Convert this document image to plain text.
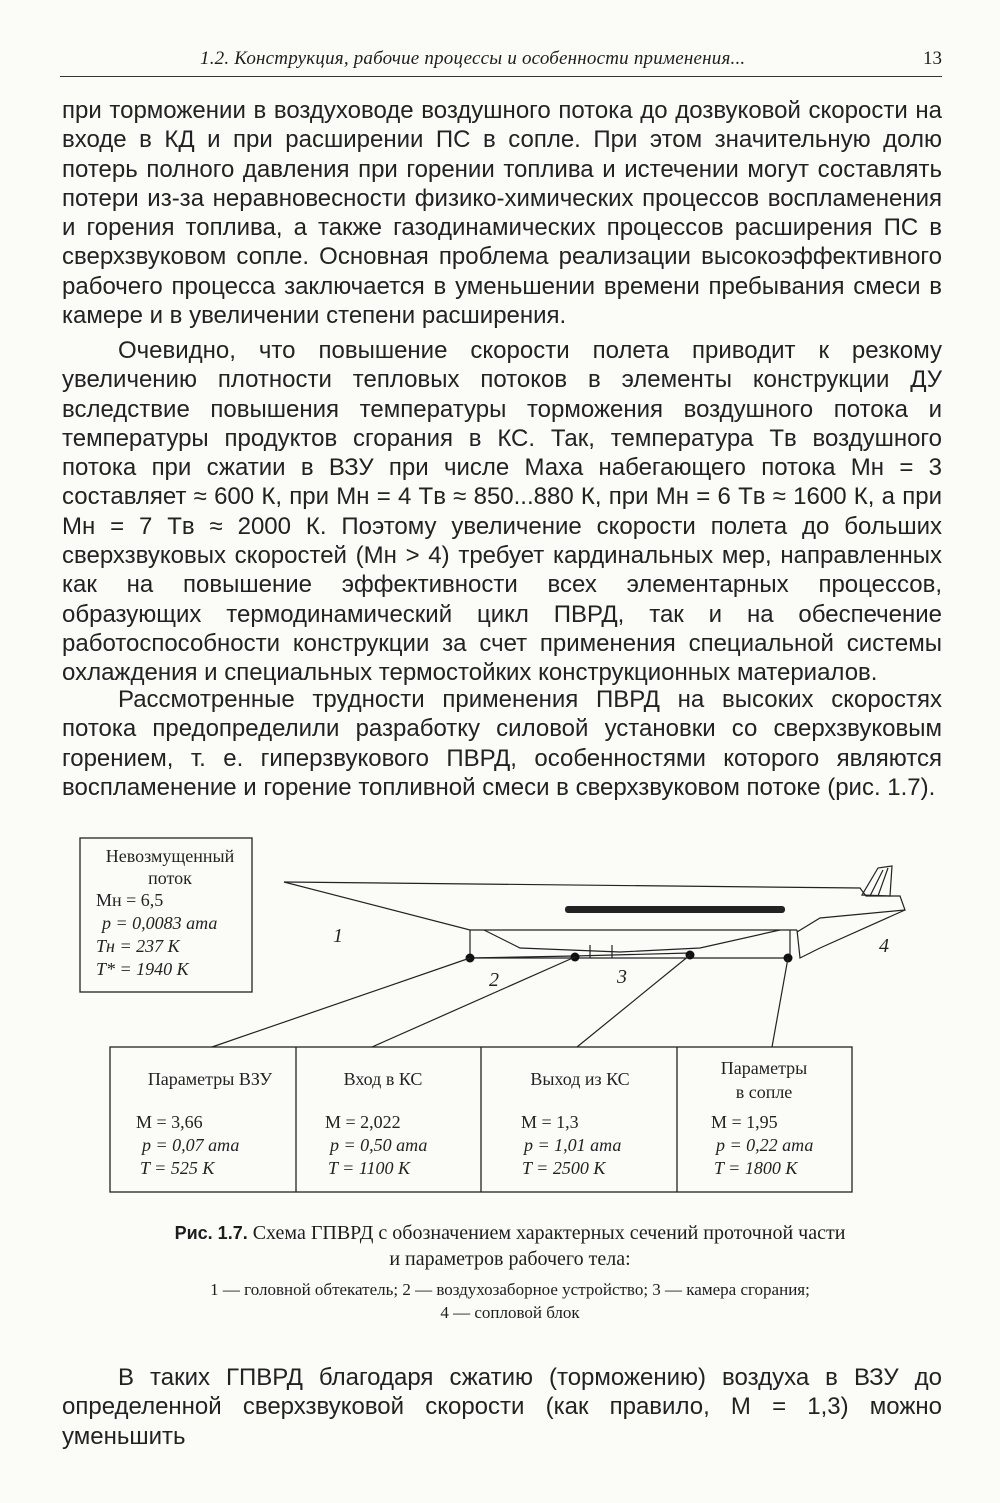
1.2. Конструкция, рабочие процессы и особенности применения...	13

при торможении в воздуховоде воздушного потока до дозвуковой скорости на входе в КД и при расширении ПС в сопле. При этом значительную долю потерь полного давления при горении топлива и истечении могут составлять потери из-за неравновесности физико-химических процессов воспламенения и горения топлива, а также газодинамических процессов расширения ПС в сверхзвуковом сопле. Основная проблема реализации высокоэффективного рабочего процесса заключается в уменьшении времени пребывания смеси в камере и в увеличении степени расширения.

Очевидно, что повышение скорости полета приводит к резкому увеличению плотности тепловых потоков в элементы конструкции ДУ вследствие повышения температуры торможения воздушного потока и температуры продуктов сгорания в КС. Так, температура Tв воздушного потока при сжатии в ВЗУ при числе Маха набегающего потока Mн = 3 составляет ≈ 600 К, при Mн = 4 Tв ≈ 850...880 К, при Mн = 6 Tв ≈ 1600 К, а при Mн = 7 Tв ≈ 2000 К. Поэтому увеличение скорости полета до больших сверхзвуковых скоростей (Mн > 4) требует кардинальных мер, направленных как на повышение эффективности всех элементарных процессов, образующих термодинамический цикл ПВРД, так и на обеспечение работоспособности конструкции за счет применения специальной системы охлаждения и специальных термостойких конструкционных материалов.

Рассмотренные трудности применения ПВРД на высоких скоростях потока предопределили разработку силовой установки со сверхзвуковым горением, т. е. гиперзвукового ПВРД, особенностями которого являются воспламенение и горение топливной смеси в сверхзвуковом потоке (рис. 1.7).

Невозмущенный
поток
Mн = 6,5
p = 0,0083 ата
Tн = 237 К
T* = 1940 К
1
2	3
4
Параметры ВЗУ
M = 3,66
p = 0,07 ата
T = 525 К
Вход в КС
M = 2,022
p = 0,50 ата
T = 1100 К
Выход из КС
M = 1,3
p = 1,01 ата
T = 2500 К
Параметры
в сопле
M = 1,95
p = 0,22 ата
T = 1800 К
Рис. 1.7. Схема ГПВРД с обозначением характерных сечений проточной части
и параметров рабочего тела:
1 — головной обтекатель; 2 — воздухозаборное устройство; 3 — камера сгорания;
4 — сопловой блок

В таких ГПВРД благодаря сжатию (торможению) воздуха в ВЗУ до определенной сверхзвуковой скорости (как правило, M = 1,3) можно уменьшить
